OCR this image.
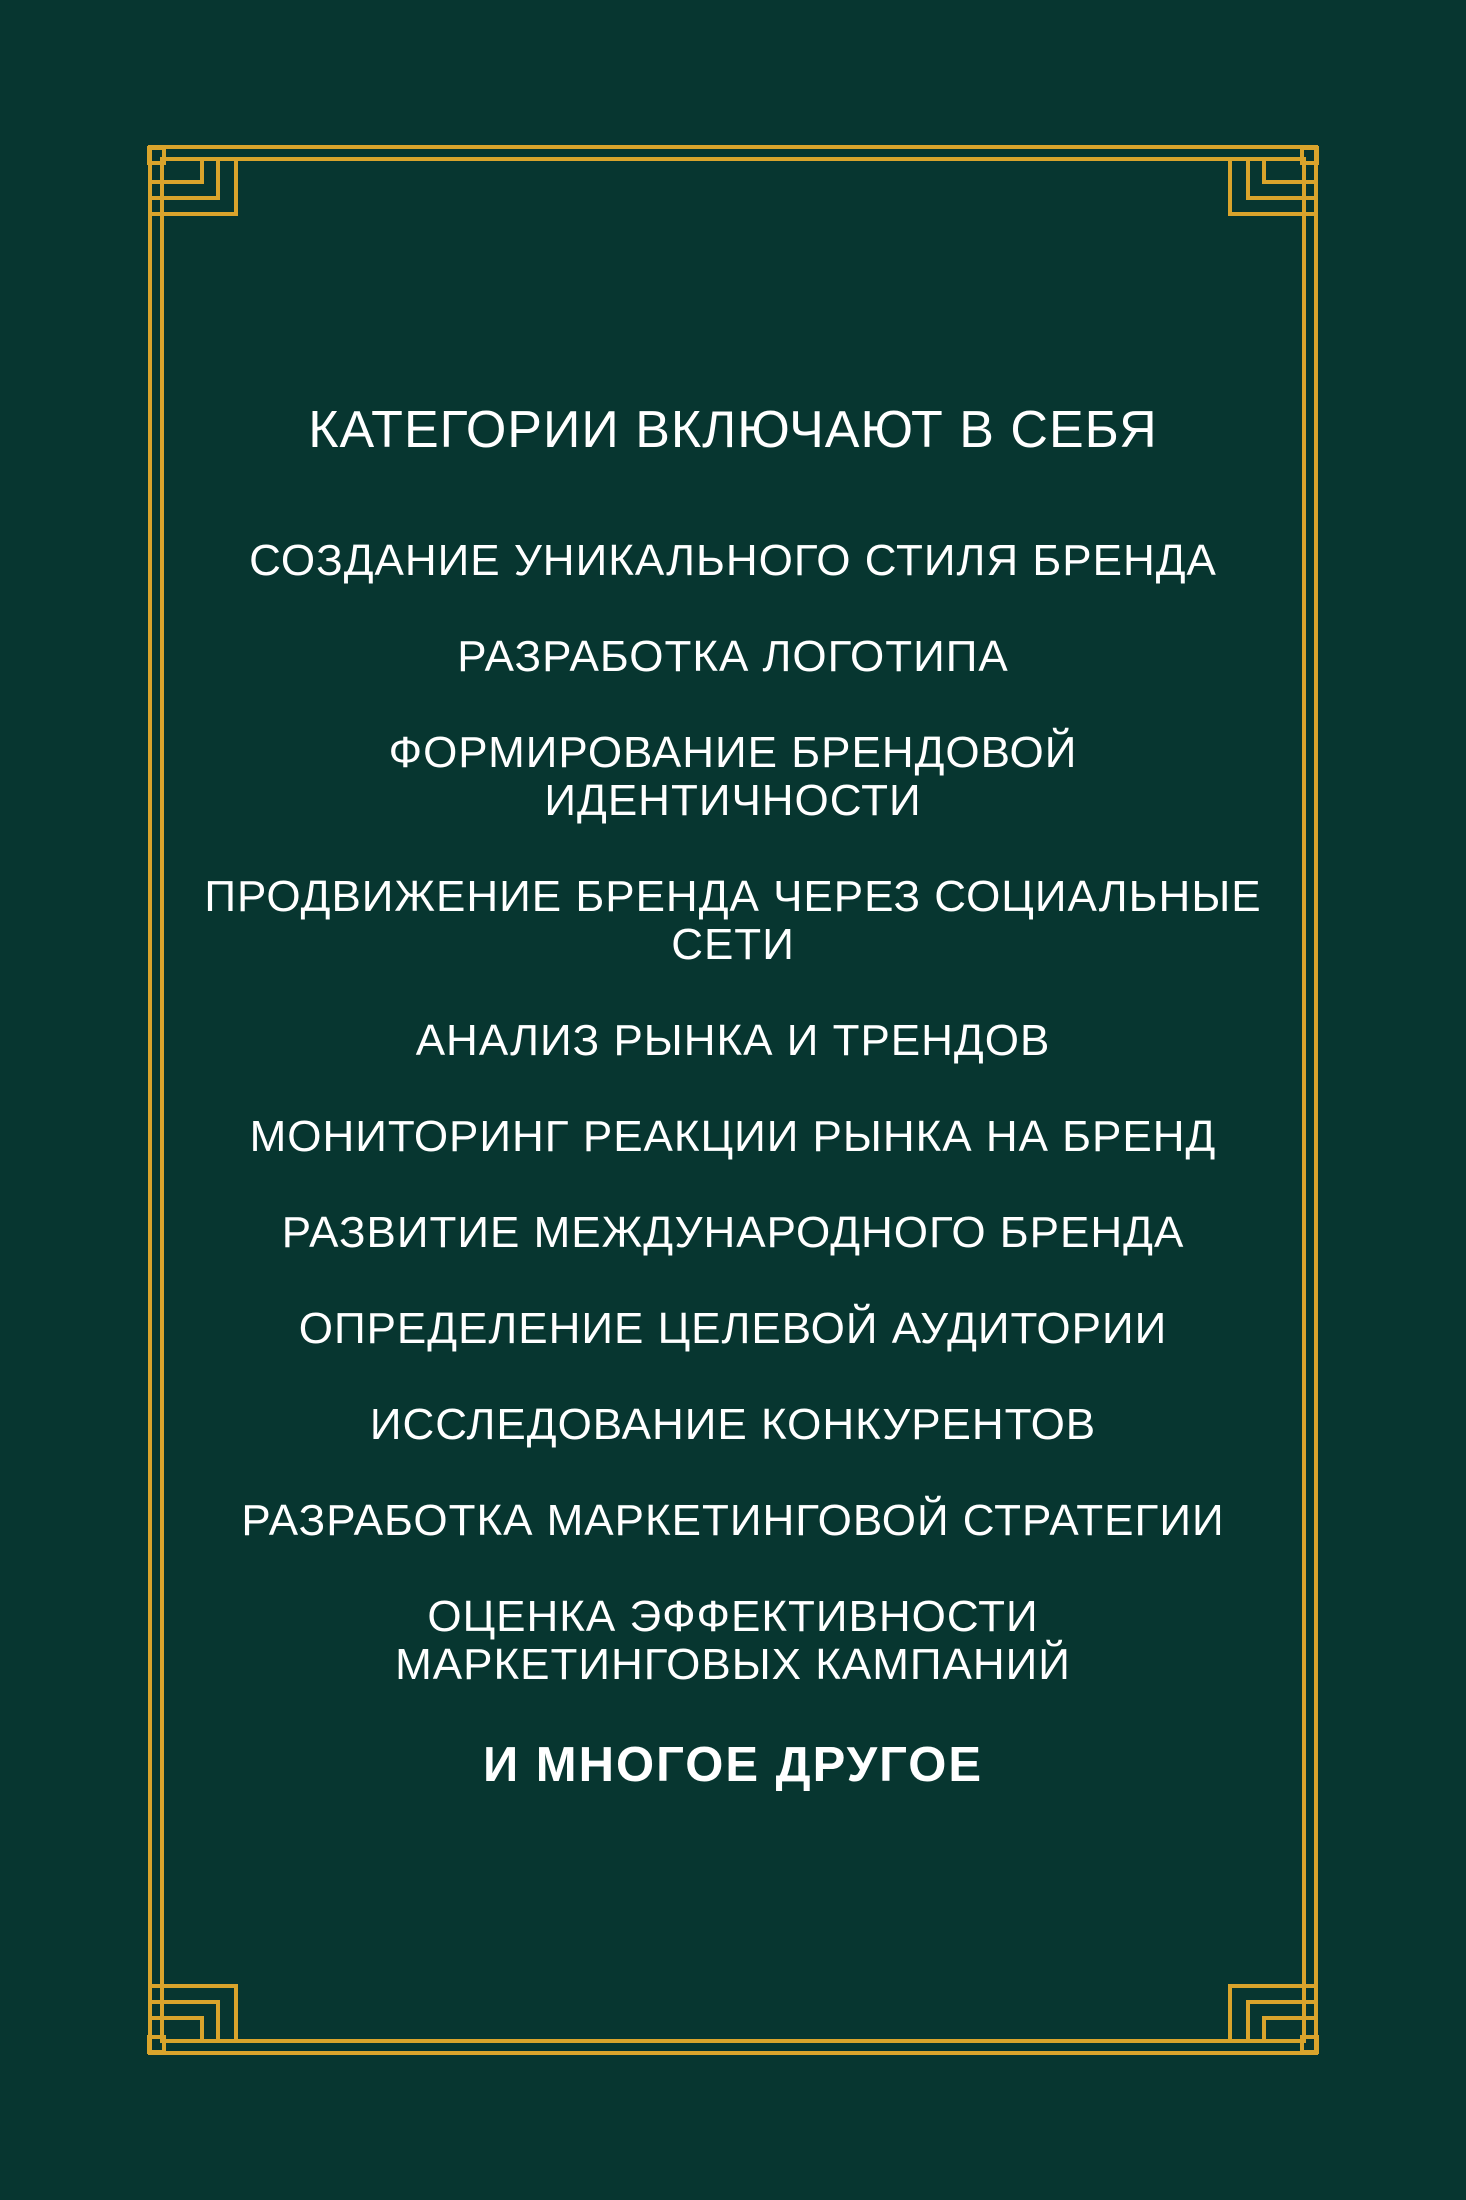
КАТЕГОРИИ ВКЛЮЧАЮТ В СЕБЯ
СОЗДАНИЕ УНИКАЛЬНОГО СТИЛЯ БРЕНДА
РАЗРАБОТКА ЛОГОТИПА
ФОРМИРОВАНИЕ БРЕНДОВОЙ
ИДЕНТИЧНОСТИ
ПРОДВИЖЕНИЕ БРЕНДА ЧЕРЕЗ СОЦИАЛЬНЫЕ
СЕТИ
АНАЛИЗ РЫНКА И ТРЕНДОВ
МОНИТОРИНГ РЕАКЦИИ РЫНКА НА БРЕНД
РАЗВИТИЕ МЕЖДУНАРОДНОГО БРЕНДА
ОПРЕДЕЛЕНИЕ ЦЕЛЕВОЙ АУДИТОРИИ
ИССЛЕДОВАНИЕ КОНКУРЕНТОВ
РАЗРАБОТКА МАРКЕТИНГОВОЙ СТРАТЕГИИ
ОЦЕНКА ЭФФЕКТИВНОСТИ
МАРКЕТИНГОВЫХ КАМПАНИЙ
И МНОГОЕ ДРУГОЕ
